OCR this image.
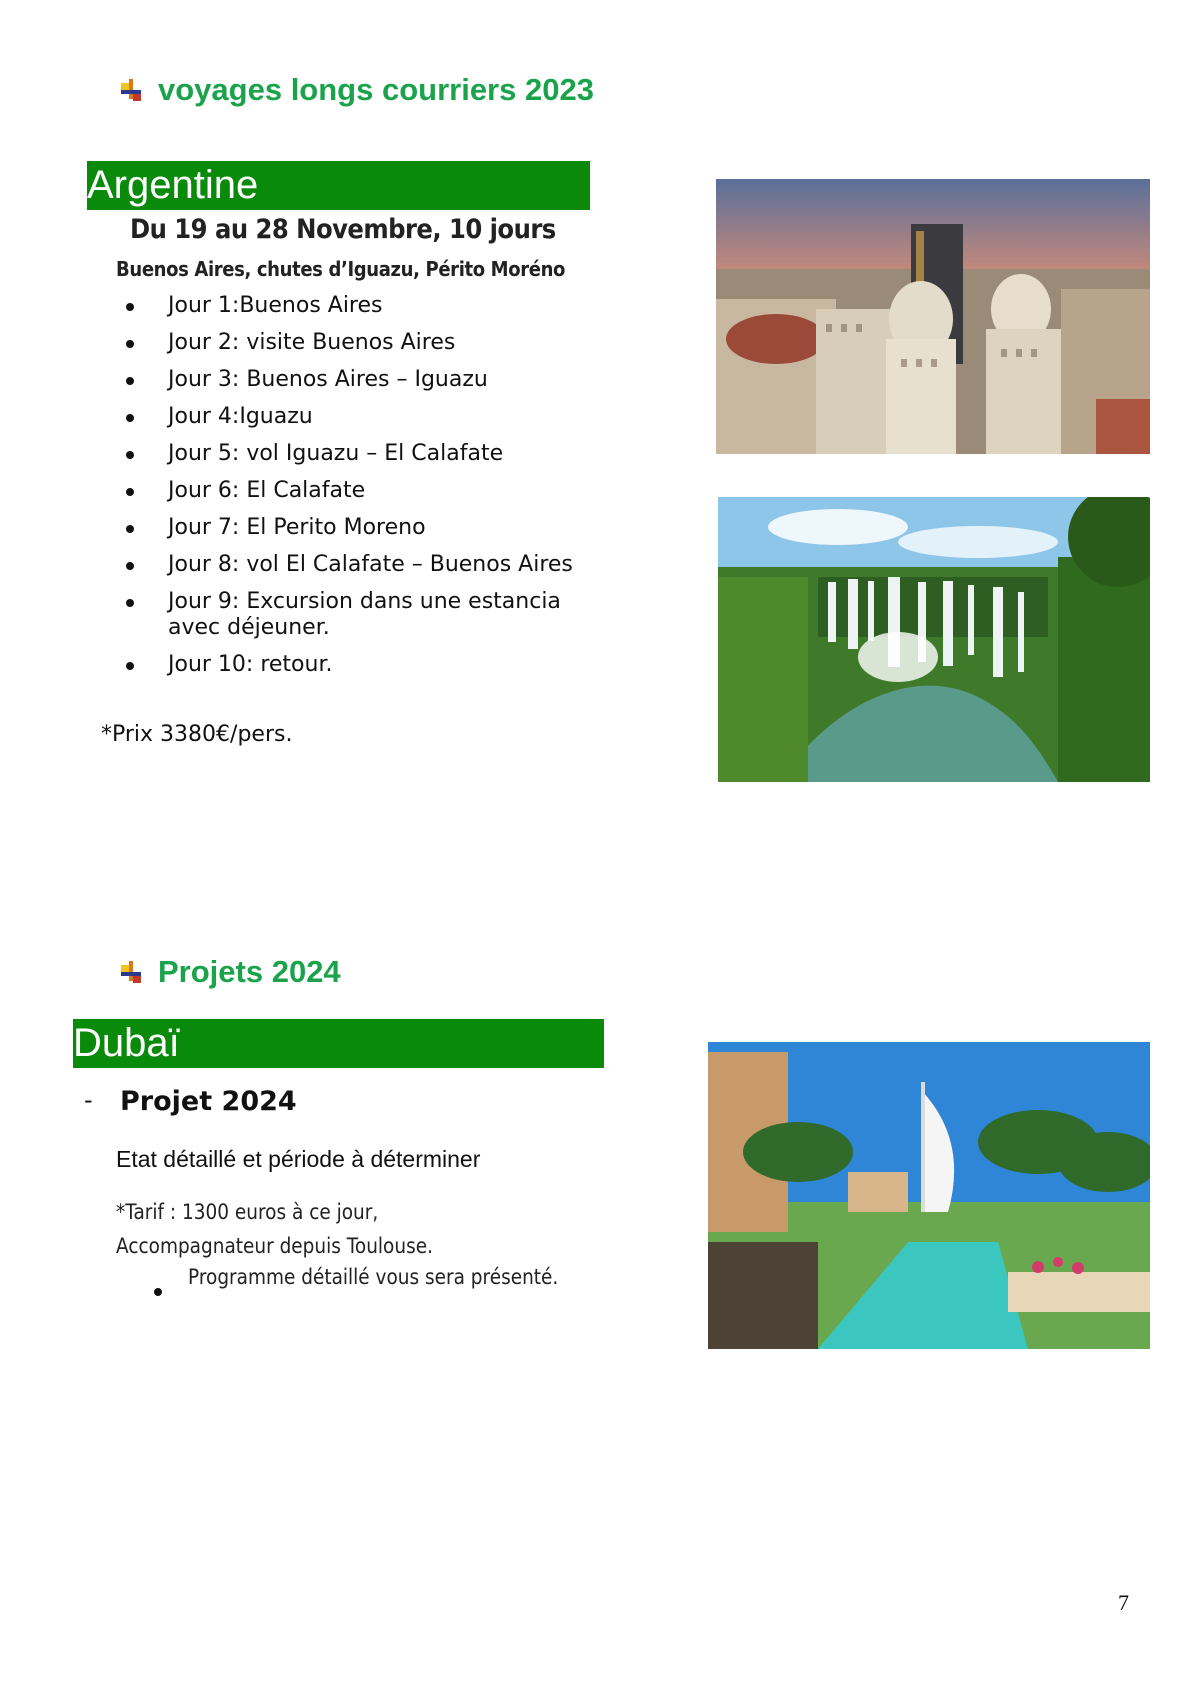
voyages longs courriers 2023
Argentine
Du 19 au 28 Novembre, 10 jours
Buenos Aires, chutes d’Iguazu, Périto Moréno
Jour 1:Buenos Aires
Jour 2: visite Buenos Aires
Jour 3: Buenos Aires – Iguazu
Jour 4:Iguazu
Jour 5: vol Iguazu – El Calafate
Jour 6: El Calafate
Jour 7: El Perito Moreno
Jour 8: vol El Calafate – Buenos Aires
Jour 9: Excursion dans une estancia avec déjeuner.
Jour 10: retour.
*Prix 3380€/pers.
Projets 2024
Dubaï
- Projet 2024
Etat détaillé et période à déterminer
*Tarif : 1300 euros à ce jour,
Accompagnateur depuis Toulouse.
Programme détaillé vous sera présenté.
7
